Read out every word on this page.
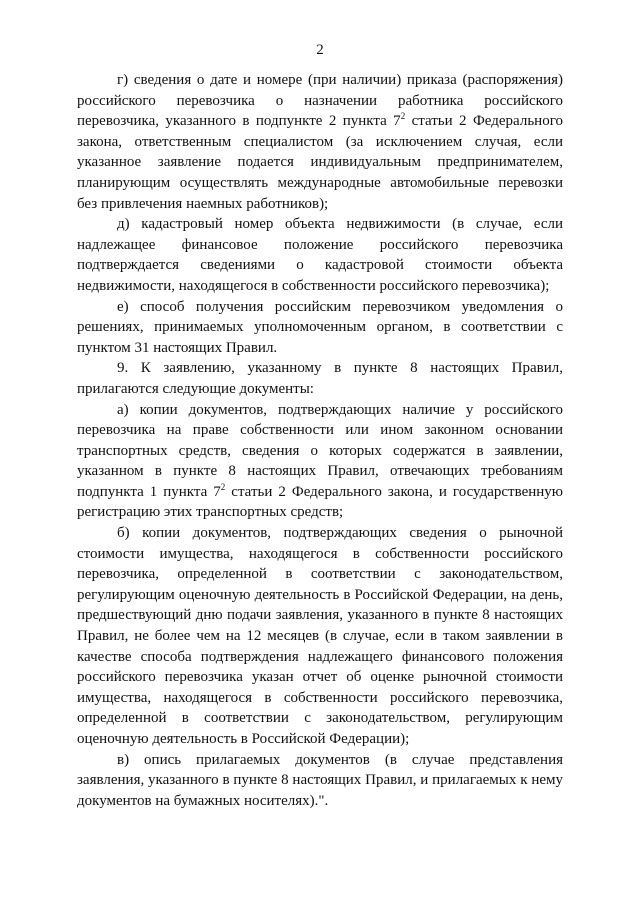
2

г) сведения о дате и номере (при наличии) приказа (распоряжения) российского перевозчика о назначении работника российского перевозчика, указанного в подпункте 2 пункта $7^2$ статьи 2 Федерального закона, ответственным специалистом (за исключением случая, если указанное заявление подается индивидуальным предпринимателем, планирующим осуществлять международные автомобильные перевозки без привлечения наемных работников);

д) кадастровый номер объекта недвижимости (в случае, если надлежащее финансовое положение российского перевозчика подтверждается сведениями о кадастровой стоимости объекта недвижимости, находящегося в собственности российского перевозчика);

е) способ получения российским перевозчиком уведомления о решениях, принимаемых уполномоченным органом, в соответствии с пунктом 31 настоящих Правил.

9. К заявлению, указанному в пункте 8 настоящих Правил, прилагаются следующие документы:

а) копии документов, подтверждающих наличие у российского перевозчика на праве собственности или ином законном основании транспортных средств, сведения о которых содержатся в заявлении, указанном в пункте 8 настоящих Правил, отвечающих требованиям подпункта 1 пункта $7^2$ статьи 2 Федерального закона, и государственную регистрацию этих транспортных средств;

б) копии документов, подтверждающих сведения о рыночной стоимости имущества, находящегося в собственности российского перевозчика, определенной в соответствии с законодательством, регулирующим оценочную деятельность в Российской Федерации, на день, предшествующий дню подачи заявления, указанного в пункте 8 настоящих Правил, не более чем на 12 месяцев (в случае, если в таком заявлении в качестве способа подтверждения надлежащего финансового положения российского перевозчика указан отчет об оценке рыночной стоимости имущества, находящегося в собственности российского перевозчика, определенной в соответствии с законодательством, регулирующим оценочную деятельность в Российской Федерации);

в) опись прилагаемых документов (в случае представления заявления, указанного в пункте 8 настоящих Правил, и прилагаемых к нему документов на бумажных носителях).".
